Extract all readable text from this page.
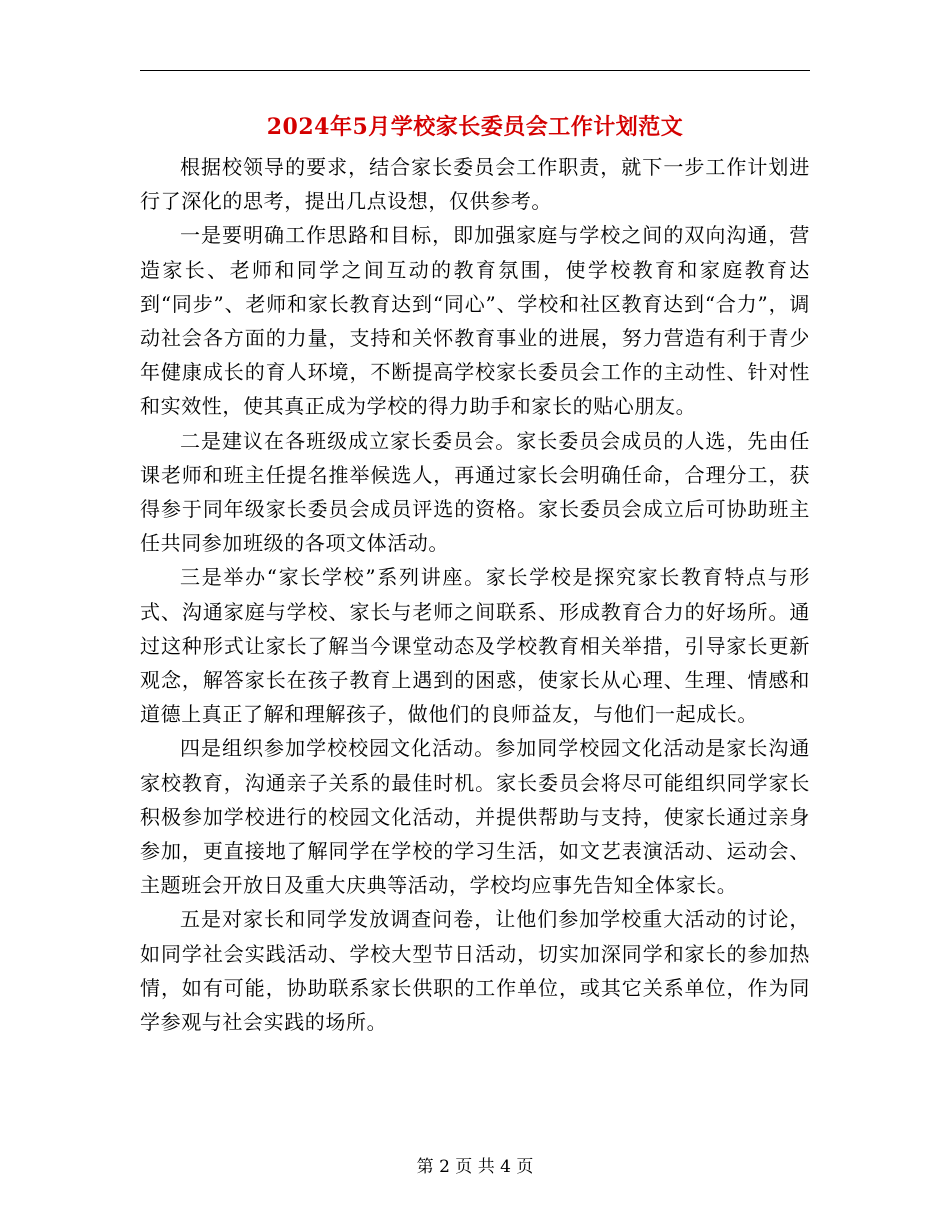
2024年5月学校家长委员会工作计划范文

根据校领导的要求，结合家长委员会工作职责，就下一步工作计划进行了深化的思考，提出几点设想，仅供参考。

一是要明确工作思路和目标，即加强家庭与学校之间的双向沟通，营造家长、老师和同学之间互动的教育氛围，使学校教育和家庭教育达到“同步”、老师和家长教育达到“同心”、学校和社区教育达到“合力”，调动社会各方面的力量，支持和关怀教育事业的进展，努力营造有利于青少年健康成长的育人环境，不断提高学校家长委员会工作的主动性、针对性和实效性，使其真正成为学校的得力助手和家长的贴心朋友。

二是建议在各班级成立家长委员会。家长委员会成员的人选，先由任课老师和班主任提名推举候选人，再通过家长会明确任命，合理分工，获得参于同年级家长委员会成员评选的资格。家长委员会成立后可协助班主任共同参加班级的各项文体活动。

三是举办“家长学校”系列讲座。家长学校是探究家长教育特点与形式、沟通家庭与学校、家长与老师之间联系、形成教育合力的好场所。通过这种形式让家长了解当今课堂动态及学校教育相关举措，引导家长更新观念，解答家长在孩子教育上遇到的困惑，使家长从心理、生理、情感和道德上真正了解和理解孩子，做他们的良师益友，与他们一起成长。

四是组织参加学校校园文化活动。参加同学校园文化活动是家长沟通家校教育，沟通亲子关系的最佳时机。家长委员会将尽可能组织同学家长积极参加学校进行的校园文化活动，并提供帮助与支持，使家长通过亲身参加，更直接地了解同学在学校的学习生活，如文艺表演活动、运动会、主题班会开放日及重大庆典等活动，学校均应事先告知全体家长。

五是对家长和同学发放调查问卷，让他们参加学校重大活动的讨论，如同学社会实践活动、学校大型节日活动，切实加深同学和家长的参加热情，如有可能，协助联系家长供职的工作单位，或其它关系单位，作为同学参观与社会实践的场所。

第 2 页 共 4 页
